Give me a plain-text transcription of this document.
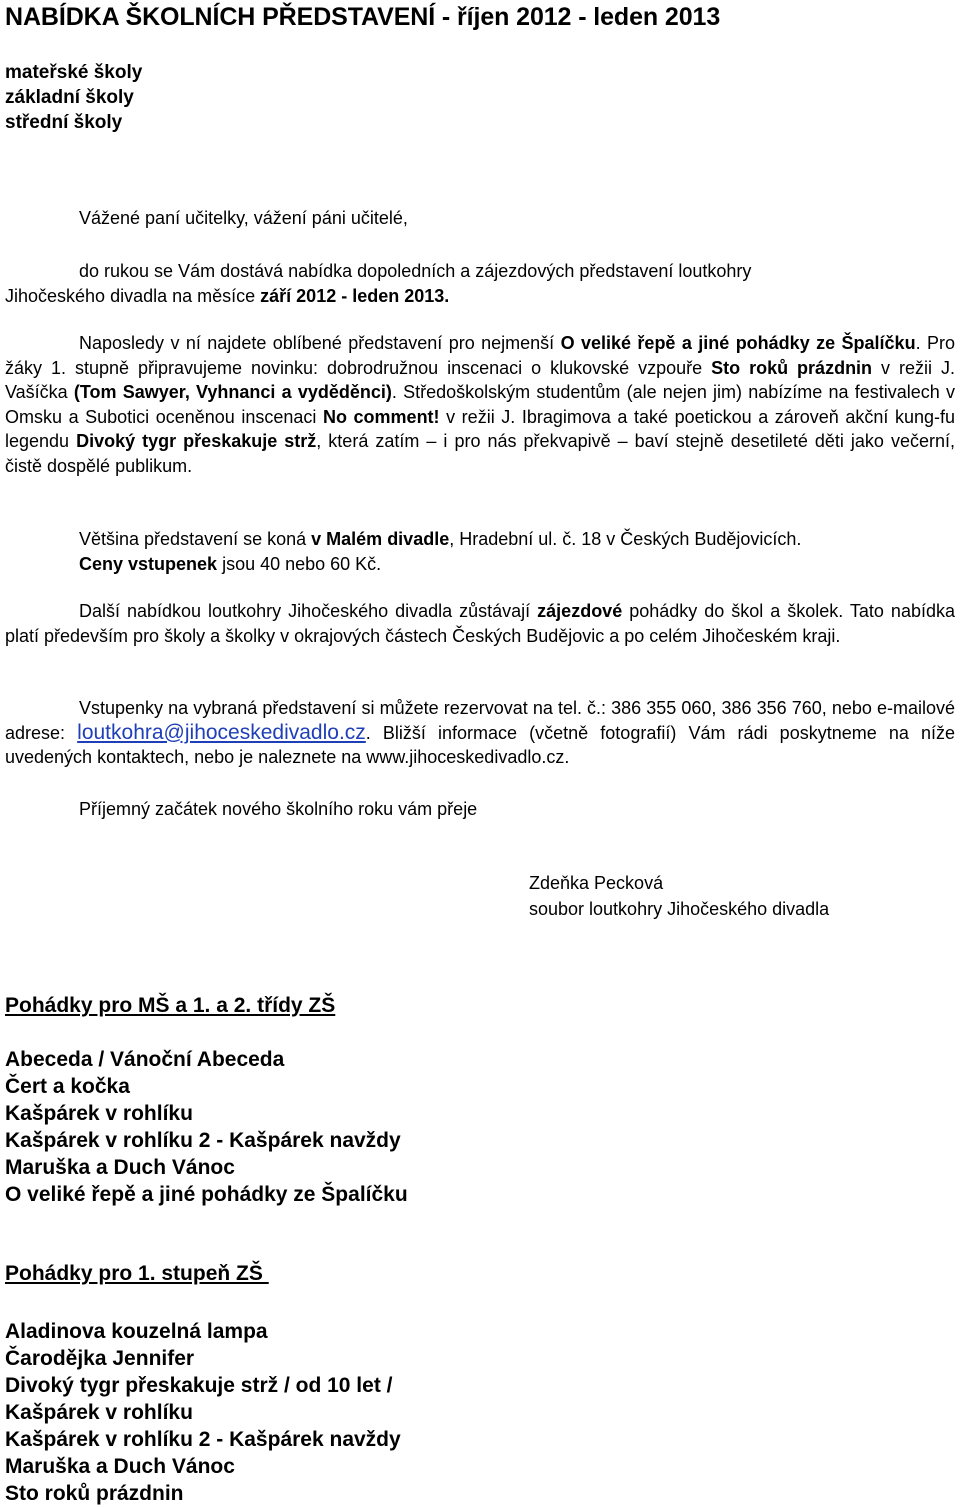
NABÍDKA ŠKOLNÍCH PŘEDSTAVENÍ - říjen 2012 - leden 2013
mateřské školy
základní školy
střední školy

Vážené paní učitelky, vážení páni učitelé,

do rukou se Vám dostává nabídka dopoledních a zájezdových představení loutkohry
Jihočeského divadla na měsíce září 2012 - leden 2013.

Naposledy v ní najdete oblíbené představení pro nejmenší O veliké řepě a jiné pohádky ze Špalíčku. Pro žáky 1. stupně připravujeme novinku: dobrodružnou inscenaci o klukovské vzpouře Sto roků prázdnin v režii J. Vašíčka (Tom Sawyer, Vyhnanci a vyděděnci). Středoškolským studentům (ale nejen jim) nabízíme na festivalech v Omsku a Subotici oceněnou inscenaci No comment! v režii J. Ibragimova a také poetickou a zároveň akční kung-fu legendu Divoký tygr přeskakuje strž, která zatím – i pro nás překvapivě – baví stejně desetileté děti jako večerní, čistě dospělé publikum.

Většina představení se koná v Malém divadle, Hradební ul. č. 18 v Českých Budějovicích.
Ceny vstupenek jsou 40 nebo 60 Kč.

Další nabídkou loutkohry Jihočeského divadla zůstávají zájezdové pohádky do škol a školek. Tato nabídka platí především pro školy a školky v okrajových částech Českých Budějovic a po celém Jihočeském kraji.

Vstupenky na vybraná představení si můžete rezervovat na tel. č.: 386 355 060, 386 356 760, nebo e-mailové adrese: loutkohra@jihoceskedivadlo.cz. Bližší informace (včetně fotografií) Vám rádi poskytneme na níže uvedených kontaktech, nebo je naleznete na www.jihoceskedivadlo.cz.

Příjemný začátek nového školního roku vám přeje

Zdeňka Pecková
soubor loutkohry Jihočeského divadla
Pohádky pro MŠ a 1. a 2. třídy ZŠ
Abeceda / Vánoční Abeceda
Čert a kočka
Kašpárek v rohlíku
Kašpárek v rohlíku 2 - Kašpárek navždy
Maruška a Duch Vánoc
O veliké řepě a jiné pohádky ze Špalíčku
Pohádky pro 1. stupeň ZŠ
Aladinova kouzelná lampa
Čarodějka Jennifer
Divoký tygr přeskakuje strž / od 10 let /
Kašpárek v rohlíku
Kašpárek v rohlíku 2 - Kašpárek navždy
Maruška a Duch Vánoc
Sto roků prázdnin
